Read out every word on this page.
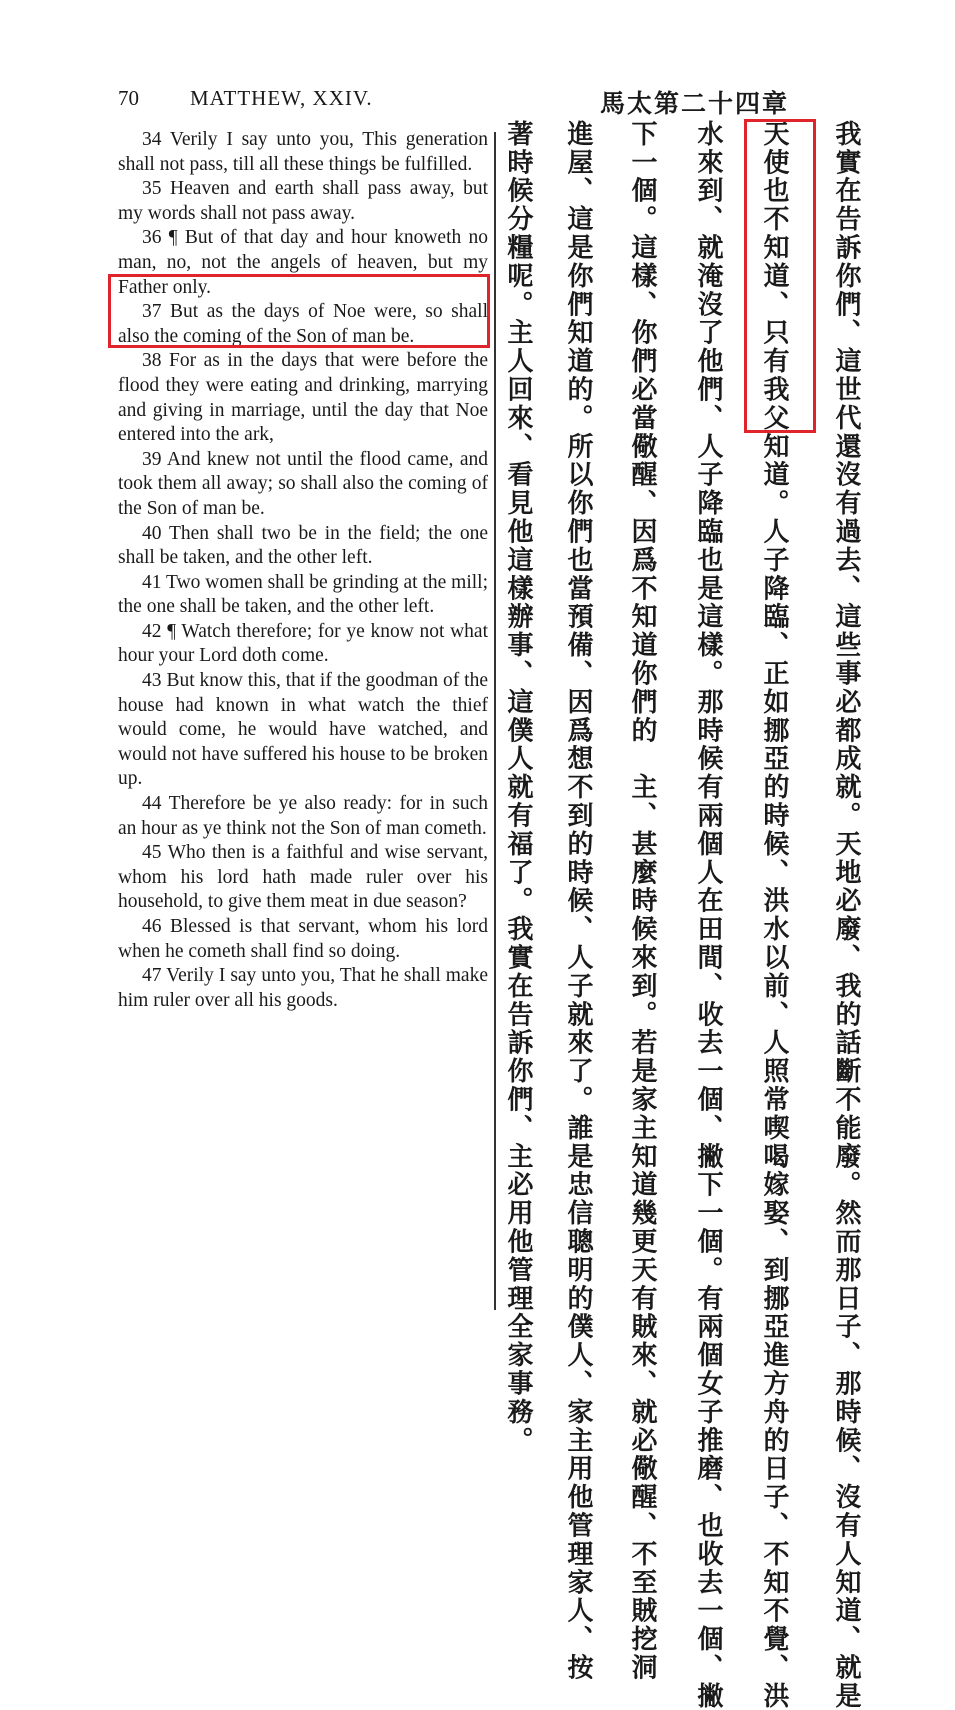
70 MATTHEW, XXIV.	馬太第二十四章

34 Verily I say unto you, This generation shall not pass, till all these things be fulfilled.

35 Heaven and earth shall pass away, but my words shall not pass away.

36 ¶ But of that day and hour knoweth no man, no, not the angels of heaven, but my Father only.

37 But as the days of Noe were, so shall also the coming of the Son of man be.

38 For as in the days that were before the flood they were eating and drinking, marrying and giving in marriage, until the day that Noe entered into the ark,

39 And knew not until the flood came, and took them all away; so shall also the coming of the Son of man be.

40 Then shall two be in the field; the one shall be taken, and the other left.

41 Two women shall be grinding at the mill; the one shall be taken, and the other left.

42 ¶ Watch therefore; for ye know not what hour your Lord doth come.

43 But know this, that if the goodman of the house had known in what watch the thief would come, he would have watched, and would not have suffered his house to be broken up.

44 Therefore be ye also ready: for in such an hour as ye think not the Son of man cometh.

45 Who then is a faithful and wise servant, whom his lord hath made ruler over his household, to give them meat in due season?

46 Blessed is that servant, whom his lord when he cometh shall find so doing.

47 Verily I say unto you, That he shall make him ruler over all his goods.	我實在告訴你們、這世代還沒有過去、這些事必都成就。天地必廢、我的話斷不能廢。然而那日子、那時候、沒有人知道、就是
天使也不知道、只有我父知道。人子降臨、正如挪亞的時候、洪水以前、人照常喫喝嫁娶、到挪亞進方舟的日子、不知不覺、洪
水來到、就淹沒了他們、人子降臨也是這樣。那時候有兩個人在田間、收去一個、撇下一個。有兩個女子推磨、也收去一個、撇
下一個。這樣、你們必當儆醒、因爲不知道你們的　主、甚麼時候來到。若是家主知道幾更天有賊來、就必儆醒、不至賊挖洞
進屋、這是你們知道的。所以你們也當預備、因爲想不到的時候、人子就來了。誰是忠信聰明的僕人、家主用他管理家人、按
著時候分糧呢。主人回來、看見他這樣辦事、這僕人就有福了。我實在告訴你們、主必用他管理全家事務。
